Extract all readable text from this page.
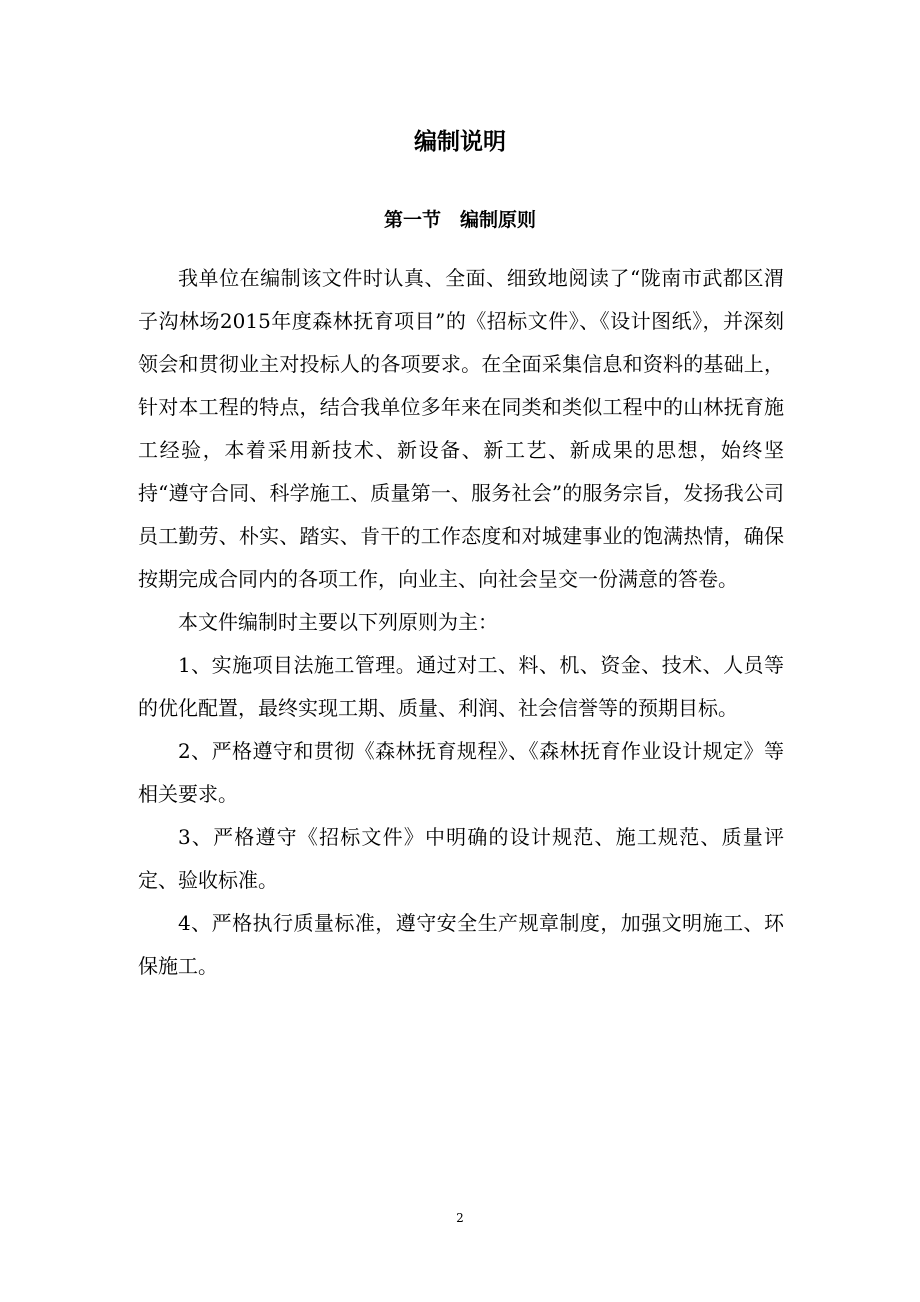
编制说明
第一节　编制原则

我单位在编制该文件时认真、全面、细致地阅读了“陇南市武都区渭子沟林场2015年度森林抚育项目”的《招标文件》、《设计图纸》，并深刻领会和贯彻业主对投标人的各项要求。在全面采集信息和资料的基础上，针对本工程的特点，结合我单位多年来在同类和类似工程中的山林抚育施工经验，本着采用新技术、新设备、新工艺、新成果的思想，始终坚持“遵守合同、科学施工、质量第一、服务社会”的服务宗旨，发扬我公司员工勤劳、朴实、踏实、肯干的工作态度和对城建事业的饱满热情，确保按期完成合同内的各项工作，向业主、向社会呈交一份满意的答卷。

本文件编制时主要以下列原则为主：

1、实施项目法施工管理。通过对工、料、机、资金、技术、人员等的优化配置，最终实现工期、质量、利润、社会信誉等的预期目标。

2、严格遵守和贯彻《森林抚育规程》、《森林抚育作业设计规定》等相关要求。

3、严格遵守《招标文件》中明确的设计规范、施工规范、质量评定、验收标准。

4、严格执行质量标准，遵守安全生产规章制度，加强文明施工、环保施工。

2
